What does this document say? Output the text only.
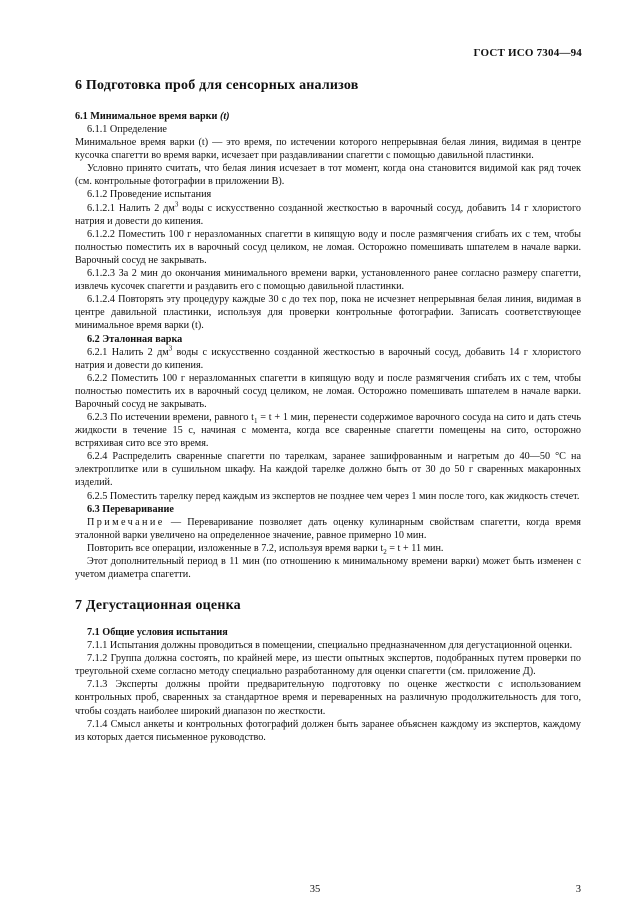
ГОСТ ИСО 7304—94
6 Подготовка проб для сенсорных анализов
6.1 Минимальное время варки (t)

6.1.1 Определение

Минимальное время варки (t) — это время, по истечении которого непрерывная белая линия, видимая в центре кусочка спагетти во время варки, исчезает при раздавливании спагетти с помощью давильной пластинки.

Условно принято считать, что белая линия исчезает в тот момент, когда она становится видимой как ряд точек (см. контрольные фотографии в приложении В).

6.1.2 Проведение испытания

6.1.2.1 Налить 2 $дм^3$ воды с искусственно созданной жесткостью в варочный сосуд, добавить 14 г хлористого натрия и довести до кипения.

6.1.2.2 Поместить 100 г неразломанных спагетти в кипящую воду и после размягчения сгибать их с тем, чтобы полностью поместить их в варочный сосуд целиком, не ломая. Осторожно помешивать шпателем в начале варки. Варочный сосуд не закрывать.

6.1.2.3 За 2 мин до окончания минимального времени варки, установленного ранее согласно размеру спагетти, извлечь кусочек спагетти и раздавить его с помощью давильной пластинки.

6.1.2.4 Повторять эту процедуру каждые 30 с до тех пор, пока не исчезнет непрерывная белая линия, видимая в центре давильной пластинки, используя для проверки контрольные фотографии. Записать соответствующее минимальное время варки (t).

6.2 Эталонная варка

6.2.1 Налить 2 $дм^3$ воды с искусственно созданной жесткостью в варочный сосуд, добавить 14 г хлористого натрия и довести до кипения.

6.2.2 Поместить 100 г неразломанных спагетти в кипящую воду и после размягчения сгибать их с тем, чтобы полностью поместить их в варочный сосуд целиком, не ломая. Осторожно помешивать шпателем в начале варки. Варочный сосуд не закрывать.

6.2.3 По истечении времени, равного $t_1 = t + 1$ мин, перенести содержимое варочного сосуда на сито и дать стечь жидкости в течение 15 с, начиная с момента, когда все сваренные спагетти помещены на сито, осторожно встряхивая сито все это время.

6.2.4 Распределить сваренные спагетти по тарелкам, заранее зашифрованным и нагретым до 40—50 °С на электроплитке или в сушильном шкафу. На каждой тарелке должно быть от 30 до 50 г сваренных макаронных изделий.

6.2.5 Поместить тарелку перед каждым из экспертов не позднее чем через 1 мин после того, как жидкость стечет.

6.3 Переваривание

Примечание — Переваривание позволяет дать оценку кулинарным свойствам спагетти, когда время эталонной варки увеличено на определенное значение, равное примерно 10 мин.

Повторить все операции, изложенные в 7.2, используя время варки $t_2 = t + 11$ мин.

Этот дополнительный период в 11 мин (по отношению к минимальному времени варки) может быть изменен с учетом диаметра спагетти.

7 Дегустационная оценка
7.1 Общие условия испытания

7.1.1 Испытания должны проводиться в помещении, специально предназначенном для дегустационной оценки.

7.1.2 Группа должна состоять, по крайней мере, из шести опытных экспертов, подобранных путем проверки по треугольной схеме согласно методу специально разработанному для оценки спагетти (см. приложение Д).

7.1.3 Эксперты должны пройти предварительную подготовку по оценке жесткости с использованием контрольных проб, сваренных за стандартное время и переваренных на различную продолжительность для того, чтобы создать наиболее широкий диапазон по жесткости.

7.1.4 Смысл анкеты и контрольных фотографий должен быть заранее объяснен каждому из экспертов, каждому из которых дается письменное руководство.

35	3
